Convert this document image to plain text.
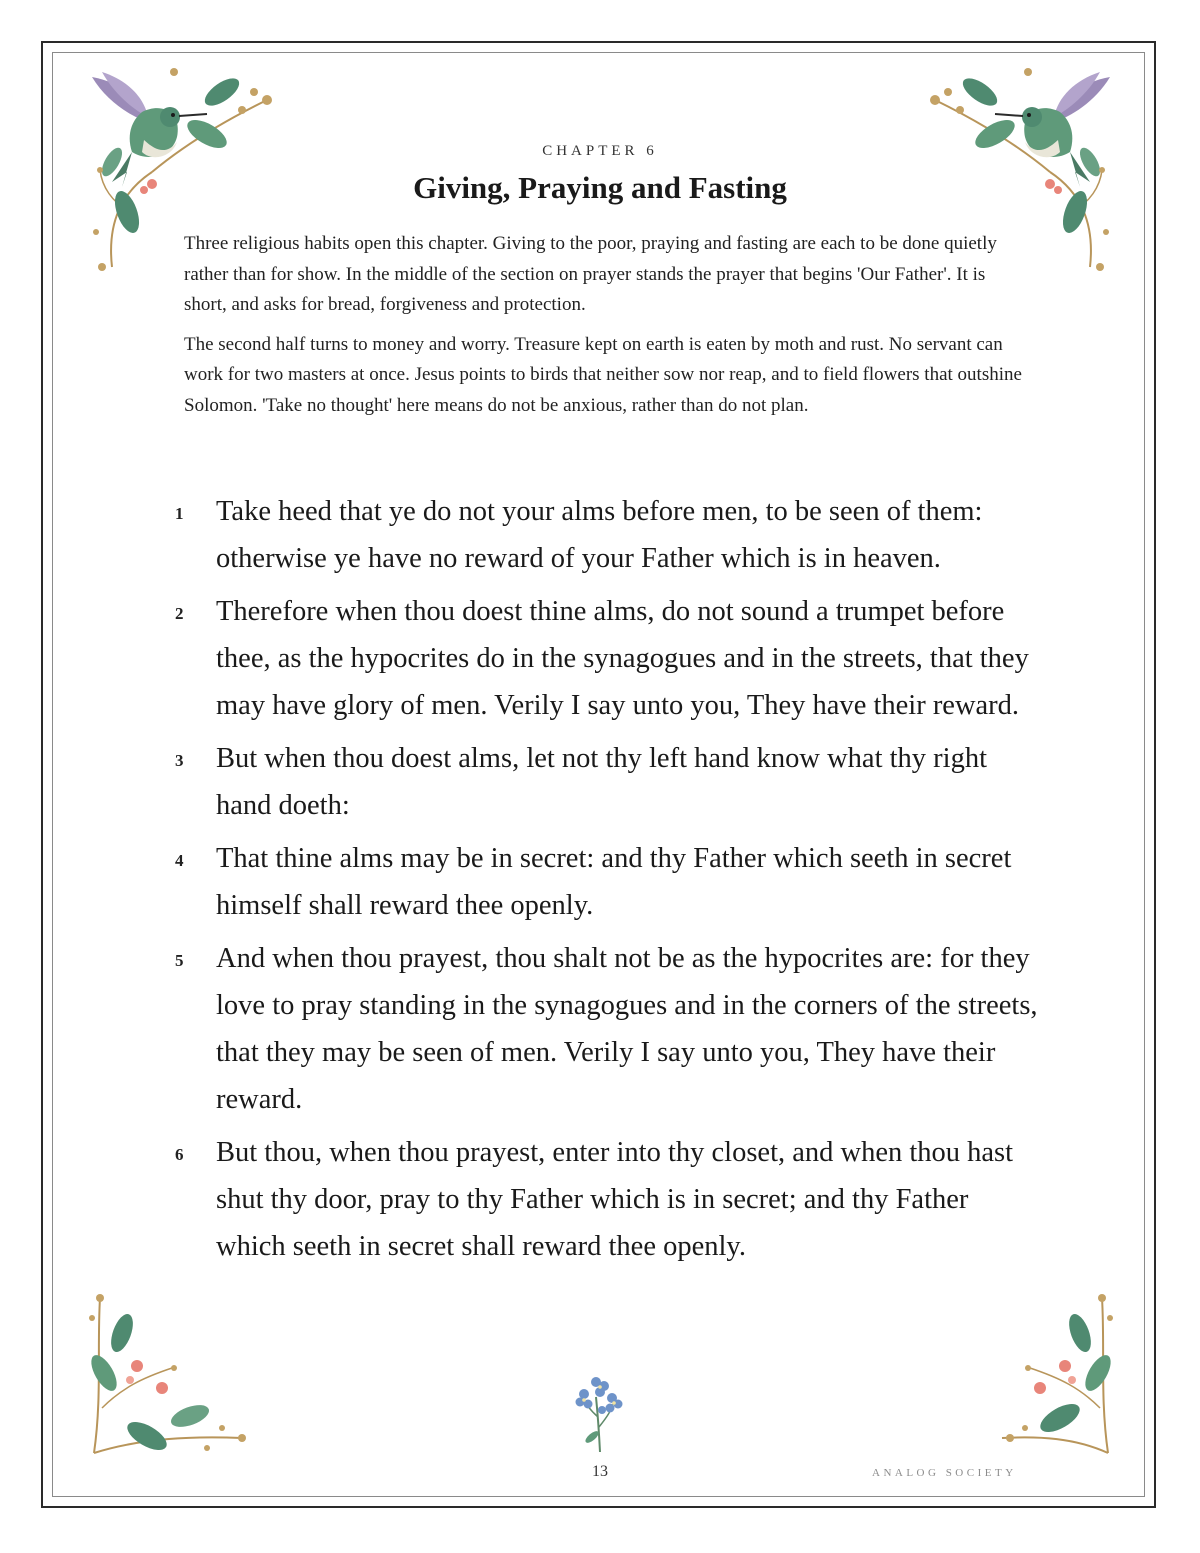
CHAPTER 6
Giving, Praying and Fasting

Three religious habits open this chapter. Giving to the poor, praying and fasting are each to be done quietly rather than for show. In the middle of the section on prayer stands the prayer that begins 'Our Father'. It is short, and asks for bread, forgiveness and protection.

The second half turns to money and worry. Treasure kept on earth is eaten by moth and rust. No servant can work for two masters at once. Jesus points to birds that neither sow nor reap, and to field flowers that outshine Solomon. 'Take no thought' here means do not be anxious, rather than do not plan.

1 Take heed that ye do not your alms before men, to be seen of them: otherwise ye have no reward of your Father which is in heaven.
2 Therefore when thou doest thine alms, do not sound a trumpet before thee, as the hypocrites do in the synagogues and in the streets, that they may have glory of men. Verily I say unto you, They have their reward.
3 But when thou doest alms, let not thy left hand know what thy right hand doeth:
4 That thine alms may be in secret: and thy Father which seeth in secret himself shall reward thee openly.
5 And when thou prayest, thou shalt not be as the hypocrites are: for they love to pray standing in the synagogues and in the corners of the streets, that they may be seen of men. Verily I say unto you, They have their reward.
6 But thou, when thou prayest, enter into thy closet, and when thou hast shut thy door, pray to thy Father which is in secret; and thy Father which seeth in secret shall reward thee openly.
13	ANALOG SOCIETY
